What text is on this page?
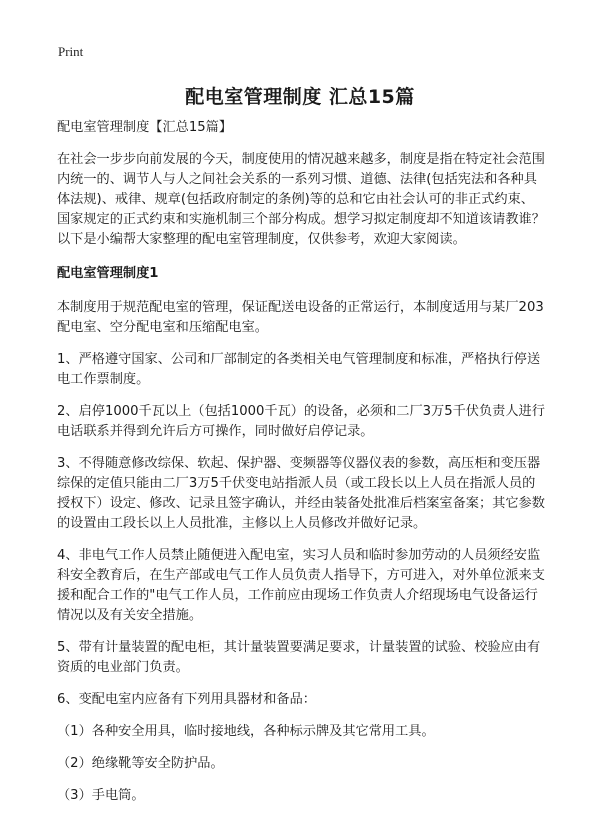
Print
配电室管理制度 汇总15篇

配电室管理制度【汇总15篇】

在社会一步步向前发展的今天，制度使用的情况越来越多，制度是指在特定社会范围内统一的、调节人与人之间社会关系的一系列习惯、道德、法律(包括宪法和各种具体法规)、戒律、规章(包括政府制定的条例)等的总和它由社会认可的非正式约束、国家规定的正式约束和实施机制三个部分构成。想学习拟定制度却不知道该请教谁？以下是小编帮大家整理的配电室管理制度，仅供参考，欢迎大家阅读。

配电室管理制度1

本制度用于规范配电室的管理，保证配送电设备的正常运行，本制度适用与某厂203配电室、空分配电室和压缩配电室。

1、严格遵守国家、公司和厂部制定的各类相关电气管理制度和标准，严格执行停送电工作票制度。

2、启停1000千瓦以上（包括1000千瓦）的设备，必须和二厂3万5千伏负责人进行电话联系并得到允许后方可操作，同时做好启停记录。

3、不得随意修改综保、软起、保护器、变频器等仪器仪表的参数，高压柜和变压器综保的定值只能由二厂3万5千伏变电站指派人员（或工段长以上人员在指派人员的授权下）设定、修改、记录且签字确认，并经由装备处批准后档案室备案；其它参数的设置由工段长以上人员批准，主修以上人员修改并做好记录。

4、非电气工作人员禁止随便进入配电室，实习人员和临时参加劳动的人员须经安监科安全教育后，在生产部或电气工作人员负责人指导下，方可进入，对外单位派来支援和配合工作的"电气工作人员，工作前应由现场工作负责人介绍现场电气设备运行情况以及有关安全措施。

5、带有计量装置的配电柜，其计量装置要满足要求，计量装置的试验、校验应由有资质的电业部门负责。

6、变配电室内应备有下列用具器材和备品：

（1）各种安全用具，临时接地线，各种标示牌及其它常用工具。

（2）绝缘靴等安全防护品。

（3）手电筒。
